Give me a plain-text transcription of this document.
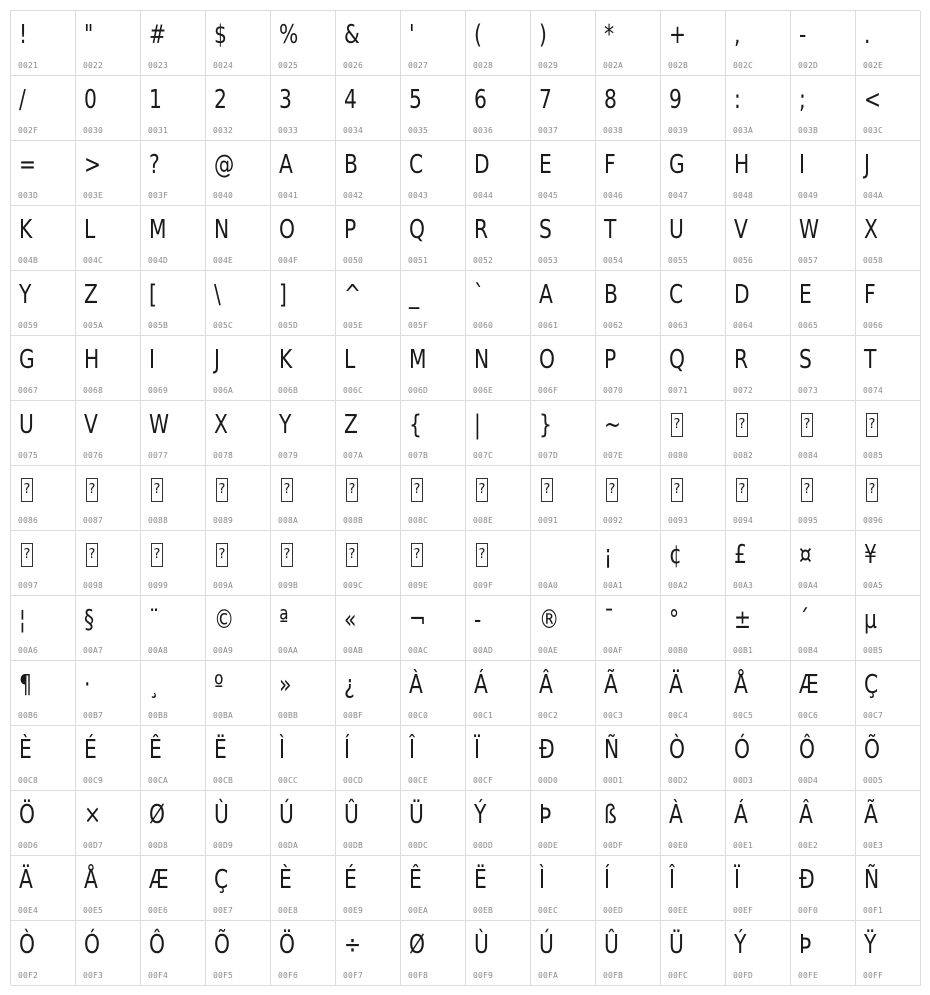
!
0021
"
0022
#
0023
$
0024
%
0025
&
0026
'
0027
(
0028
)
0029
*
002A
+
002B
,
002C
-
002D
.
002E
/
002F
0
0030
1
0031
2
0032
3
0033
4
0034
5
0035
6
0036
7
0037
8
0038
9
0039
:
003A
;
003B
<
003C
=
003D
>
003E
?
003F
@
0040
A
0041
B
0042
C
0043
D
0044
E
0045
F
0046
G
0047
H
0048
I
0049
J
004A
K
004B
L
004C
M
004D
N
004E
O
004F
P
0050
Q
0051
R
0052
S
0053
T
0054
U
0055
V
0056
W
0057
X
0058
Y
0059
Z
005A
[
005B
\
005C
]
005D
^
005E
_
005F
`
0060
A
0061
B
0062
C
0063
D
0064
E
0065
F
0066
G
0067
H
0068
I
0069
J
006A
K
006B
L
006C
M
006D
N
006E
O
006F
P
0070
Q
0071
R
0072
S
0073
T
0074
U
0075
V
0076
W
0077
X
0078
Y
0079
Z
007A
{
007B
|
007C
}
007D
~
007E
?
0080
?
0082
?
0084
?
0085
?
0086
?
0087
?
0088
?
0089
?
008A
?
008B
?
008C
?
008E
?
0091
?
0092
?
0093
?
0094
?
0095
?
0096
?
0097
?
0098
?
0099
?
009A
?
009B
?
009C
?
009E
?
009F	00A0
¡
00A1
¢
00A2
£
00A3
¤
00A4
¥
00A5
¦
00A6
§
00A7
¨
00A8
©
00A9
ª
00AA
«
00AB
¬
00AC
-
00AD
®
00AE
¯
00AF
°
00B0
±
00B1
´
00B4
µ
00B5
¶
00B6
·
00B7
¸
00B8
º
00BA
»
00BB
¿
00BF
À
00C0
Á
00C1
Â
00C2
Ã
00C3
Ä
00C4
Å
00C5
Æ
00C6
Ç
00C7
È
00C8
É
00C9
Ê
00CA
Ë
00CB
Ì
00CC
Í
00CD
Î
00CE
Ï
00CF
Đ
00D0
Ñ
00D1
Ò
00D2
Ó
00D3
Ô
00D4
Õ
00D5
Ö
00D6
×
00D7
Ø
00D8
Ù
00D9
Ú
00DA
Û
00DB
Ü
00DC
Ý
00DD
Þ
00DE
ß
00DF
À
00E0
Á
00E1
Â
00E2
Ã
00E3
Ä
00E4
Å
00E5
Æ
00E6
Ç
00E7
È
00E8
É
00E9
Ê
00EA
Ë
00EB
Ì
00EC
Í
00ED
Î
00EE
Ï
00EF
Đ
00F0
Ñ
00F1
Ò
00F2
Ó
00F3
Ô
00F4
Õ
00F5
Ö
00F6
÷
00F7
Ø
00F8
Ù
00F9
Ú
00FA
Û
00FB
Ü
00FC
Ý
00FD
Þ
00FE
Ÿ
00FF
